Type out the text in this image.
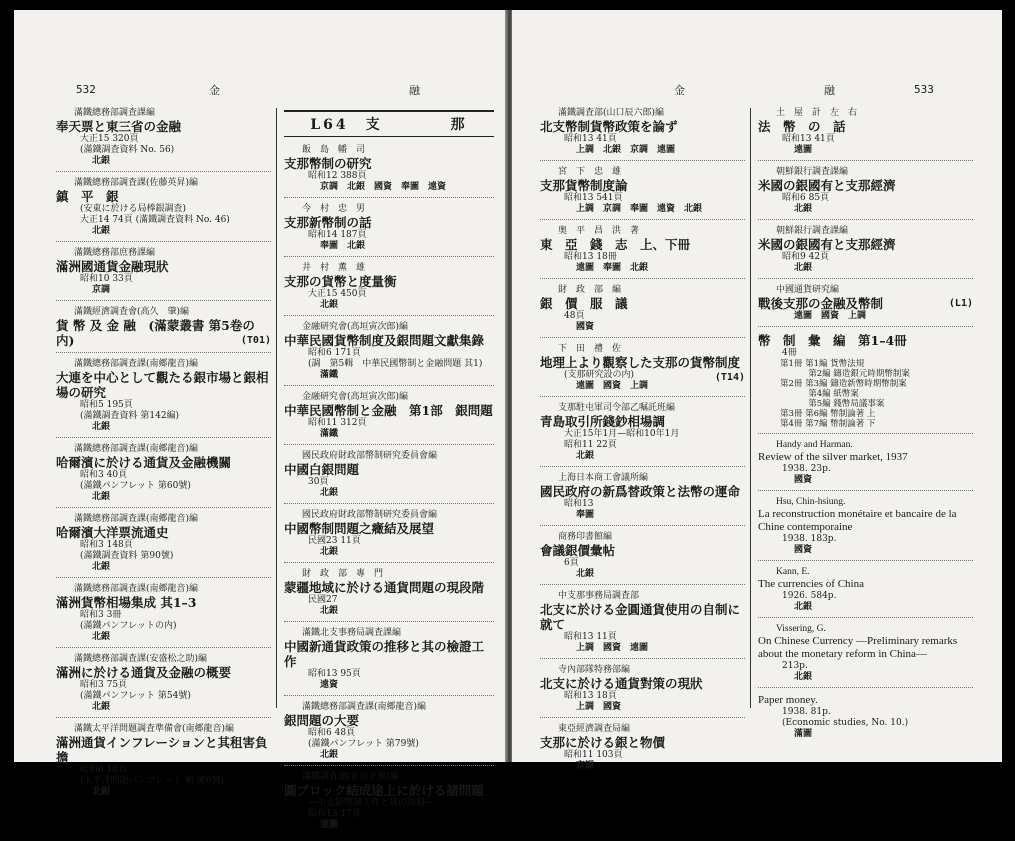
532	金	融
滿鐵總務部調査課編
奉天票と東三省の金融
大正15 320頁
(滿鐵調査資料 No. 56)
北銀
滿鐵總務部調査課(佐藤英昇)編
鎮　平　銀
(安東に於ける局棒銀調査)
大正14 74頁 (滿鐵調査資料 No. 46)
北銀
滿鐵總務部庶務課編
滿洲國通貨金融現狀
昭和10 33頁
京調
滿鐵經濟調査會(高久　肇)編
貨 幣 及 金 融　(滿蒙叢書 第5卷の内)	(T01)
滿鐵總務部調査課(南郷龍音)編
大連を中心として觀たる銀市場と銀相場の研究
昭和5 195頁
(滿鐵調査資料 第142編)
北銀
滿鐵總務部調査課(南郷龍音)編
哈爾濱に於ける通貨及金融機關
昭和3 40頁
(滿鐵パンフレット 第60號)
北銀
滿鐵總務部調査課(南郷龍音)編
哈爾濱大洋票流通史
昭和3 148頁
(滿鐵調査資料 第90號)
北銀
滿鐵總務部調査課(南郷龍音)編
滿洲貨幣相場集成 其1–3
昭和3 3冊
(滿鐵パンフレットの内)
北銀
滿鐵總務部調査課(安盛松之助)編
滿洲に於ける通貨及金融の概要
昭和3 75頁
(滿鐵パンフレット 第54號)
北銀
滿鐵太平洋問題調査準備會(南郷龍音)編
滿洲通貨インフレーションと其租害負擔
昭和6 10頁
(太平洋問題パンフレット 和 第6號)
北銀
L64　支　　　　那
飯　島　幡　司
支那幣制の研究
昭和12 388頁
京調　北銀　國資　奉圖　遠資
今　村　忠　男
支那新幣制の話
昭和14 187頁
奉圖　北銀
井　村　薫　雄
支那の貨幣と度量衡
大正15 450頁
北銀
金融研究會(高垣寅次郎)編
中華民國貨幣制度及銀問題文獻集錄
昭和6 171頁
(調　第5輯　中華民國幣制と金融問題 其1)
滿鐵
金融研究會(高垣寅次郎)編
中華民國幣制と金融　第1部　銀問題
昭和11 312頁
滿鐵
國民政府財政部幣制研究委員會編
中國白銀問題
30頁
北銀
國民政府財政部幣制研究委員會編
中國幣制問題之癥結及展望
民國23 11頁
北銀
財　政　部　專　門
蒙疆地域に於ける通貨問題の現段階
民國27
北銀
滿鐵北支事務局調査課編
中國新通貨政策の推移と其の檢證工作
昭和13 95頁
遠資
滿鐵總務部調査課(南郷龍音)編
銀問題の大要
昭和6 48頁
(滿鐵パンフレット 第79號)
北銀
滿鐵調査部(市川正義)編
圓ブロック結成途上に於ける諸問題
—中支新幣制工作と其の問題—
昭和13 17頁
遠圖
金	融	533
滿鐵調査部(山口辰六郎)編
北支幣制貨幣政策を論ず
昭和13 41頁
上調　北銀　京調　遠圖
宮　下　忠　雄
支那貨幣制度論
昭和13 541頁
上調　京調　奉圖　遠資　北銀
奥　平　昌　洪　著
東　亞　錢　志　上、下冊
昭和13 18冊
遠圖　奉圖　北銀
財　政　部　編
銀　價　服　議
48頁
國資
下　田　禮　佐
地理上より觀察した支那の貨幣制度
(T14)
(支那研究設の内)
遠圖　國資　上調
支那駐屯軍司令部乙嘱託班編
青島取引所錢鈔相場調
大正15年1月—昭和10年1月
昭和11 22頁
北銀
上海日本商工會議所編
國民政府の新爲替政策と法幣の運命
昭和13
奉圖
商務印書館編
會議銀價彙帖
6頁
北銀
中支那事務局調査部
北支に於ける金圓通貨使用の自制に就て
昭和13 11頁
上調　國資　遠圖
寺內部隊特務部編
北支に於ける通貨對策の現狀
昭和13 18頁
上調　國資
東亞經濟調査局編
支那に於ける銀と物價
昭和11 103頁
京調
土　屋　計　左　右
法　幣　の　話
昭和13 41頁
遠圖
朝鮮銀行調査課編
米國の銀國有と支那經濟
昭和6 85頁
北銀
朝鮮銀行調査課編
米國の銀國有と支那經濟
昭和9 42頁
北銀
中國通貨研究編
戰後支那の金融及幣制	(L1)
遠圖　國資　上調
幣　制　彙　編　第1–4冊
4冊
第1冊 第1編 貨幣法規
　　　 第2編 鑄造銀元時期幣制案
第2冊 第3編 鑄造新幣時期幣制案
　　　 第4編 紙幣案
　　　 第5編 錢幣局議事案
第3冊 第6編 幣制論著 上
第4冊 第7編 幣制論著 下
Handy and Harman.
Review of the silver market, 1937
1938. 23p.
國資
Hsu, Chin-hsiung.
La reconstruction monétaire et bancaire de la Chine contemporaine
1938. 183p.
國資
Kann, E.
The currencies of China
1926. 584p.
北銀
Vissering, G.
On Chinese Currency —Preliminary remarks about the monetary reform in China—
213p.
北銀
Paper money.
1938. 81p.
(Economic studies, No. 10.)
滿圖
